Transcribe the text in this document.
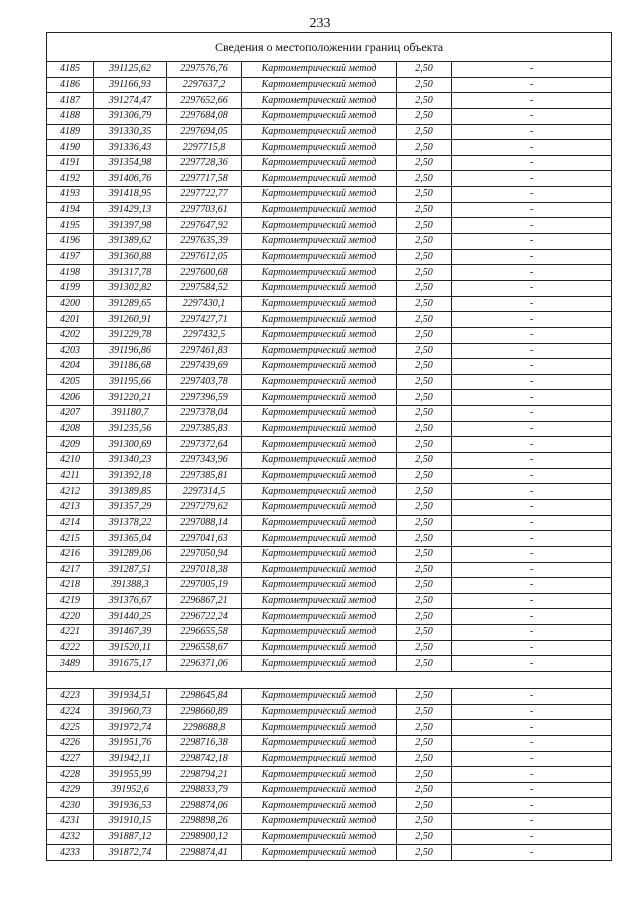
233
Сведения о местоположении границ объекта					
4185	391125,62	2297576,76	Картометрический метод	2,50	-
4186	391166,93	2297637,2	Картометрический метод	2,50	-
4187	391274,47	2297652,66	Картометрический метод	2,50	-
4188	391306,79	2297684,08	Картометрический метод	2,50	-
4189	391330,35	2297694,05	Картометрический метод	2,50	-
4190	391336,43	2297715,8	Картометрический метод	2,50	-
4191	391354,98	2297728,36	Картометрический метод	2,50	-
4192	391406,76	2297717,58	Картометрический метод	2,50	-
4193	391418,95	2297722,77	Картометрический метод	2,50	-
4194	391429,13	2297703,61	Картометрический метод	2,50	-
4195	391397,98	2297647,92	Картометрический метод	2,50	-
4196	391389,62	2297635,39	Картометрический метод	2,50	-
4197	391360,88	2297612,05	Картометрический метод	2,50	-
4198	391317,78	2297600,68	Картометрический метод	2,50	-
4199	391302,82	2297584,52	Картометрический метод	2,50	-
4200	391289,65	2297430,1	Картометрический метод	2,50	-
4201	391260,91	2297427,71	Картометрический метод	2,50	-
4202	391229,78	2297432,5	Картометрический метод	2,50	-
4203	391196,86	2297461,83	Картометрический метод	2,50	-
4204	391186,68	2297439,69	Картометрический метод	2,50	-
4205	391195,66	2297403,78	Картометрический метод	2,50	-
4206	391220,21	2297396,59	Картометрический метод	2,50	-
4207	391180,7	2297378,04	Картометрический метод	2,50	-
4208	391235,56	2297385,83	Картометрический метод	2,50	-
4209	391300,69	2297372,64	Картометрический метод	2,50	-
4210	391340,23	2297343,96	Картометрический метод	2,50	-
4211	391392,18	2297385,81	Картометрический метод	2,50	-
4212	391389,85	2297314,5	Картометрический метод	2,50	-
4213	391357,29	2297279,62	Картометрический метод	2,50	-
4214	391378,22	2297088,14	Картометрический метод	2,50	-
4215	391365,04	2297041,63	Картометрический метод	2,50	-
4216	391289,06	2297050,94	Картометрический метод	2,50	-
4217	391287,51	2297018,38	Картометрический метод	2,50	-
4218	391388,3	2297005,19	Картометрический метод	2,50	-
4219	391376,67	2296867,21	Картометрический метод	2,50	-
4220	391440,25	2296722,24	Картометрический метод	2,50	-
4221	391467,39	2296655,58	Картометрический метод	2,50	-
4222	391520,11	2296558,67	Картометрический метод	2,50	-
3489	391675,17	2296371,06	Картометрический метод	2,50	-

4223	391934,51	2298645,84	Картометрический метод	2,50	-
4224	391960,73	2298660,89	Картометрический метод	2,50	-
4225	391972,74	2298688,8	Картометрический метод	2,50	-
4226	391951,76	2298716,38	Картометрический метод	2,50	-
4227	391942,11	2298742,18	Картометрический метод	2,50	-
4228	391955,99	2298794,21	Картометрический метод	2,50	-
4229	391952,6	2298833,79	Картометрический метод	2,50	-
4230	391936,53	2298874,06	Картометрический метод	2,50	-
4231	391910,15	2298898,26	Картометрический метод	2,50	-
4232	391887,12	2298900,12	Картометрический метод	2,50	-
4233	391872,74	2298874,41	Картометрический метод	2,50	-
